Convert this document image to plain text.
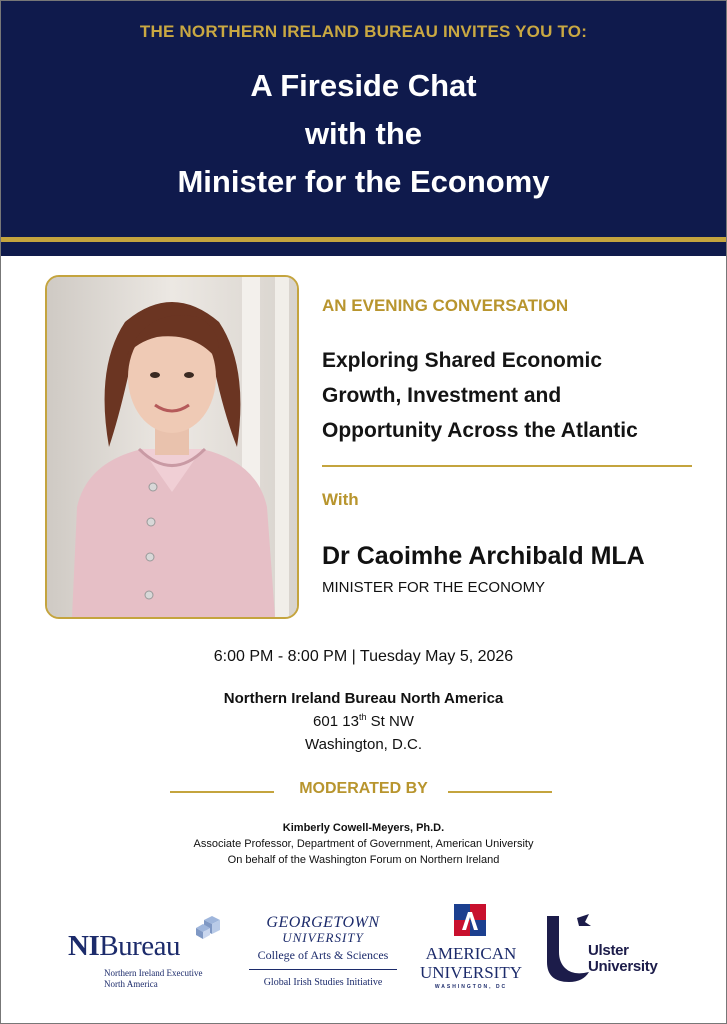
THE NORTHERN IRELAND BUREAU INVITES YOU TO:
A Fireside Chat
with the
Minister for the Economy
AN EVENING CONVERSATION
Exploring Shared Economic
Growth, Investment and
Opportunity Across the Atlantic
With
Dr Caoimhe Archibald MLA
MINISTER FOR THE ECONOMY
6:00 PM - 8:00 PM | Tuesday May 5, 2026
Northern Ireland Bureau North America
601 13th St NW
Washington, D.C.
MODERATED BY
Kimberly Cowell-Meyers, Ph.D.
Associate Professor, Department of Government, American University
On behalf of the Washington Forum on Northern Ireland
NIBureau
Northern Ireland Executive
North America
GEORGETOWN
UNIVERSITY
College of Arts & Sciences
Global Irish Studies Initiative
AMERICAN
UNIVERSITY
WASHINGTON, DC
Ulster
University
